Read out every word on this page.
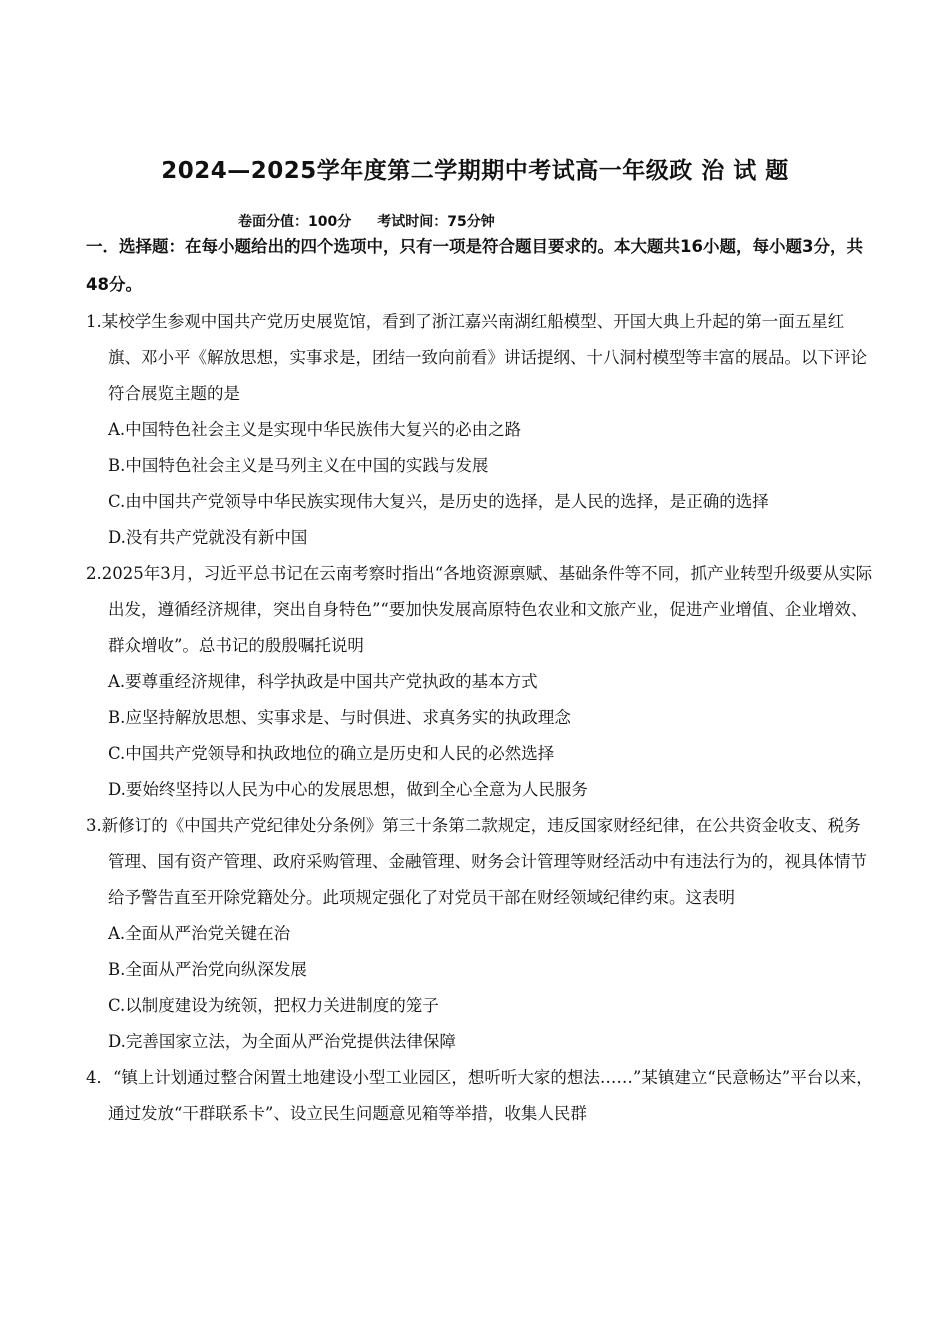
2024—2025学年度第二学期期中考试高一年级政 治 试 题
卷面分值：100分 考试时间：75分钟
一．选择题：在每小题给出的四个选项中，只有一项是符合题目要求的。本大题共16小题，每小题3分，共48分。

1.某校学生参观中国共产党历史展览馆，看到了浙江嘉兴南湖红船模型、开国大典上升起的第一面五星红旗、邓小平《解放思想，实事求是，团结一致向前看》讲话提纲、十八洞村模型等丰富的展品。以下评论符合展览主题的是

A.中国特色社会主义是实现中华民族伟大复兴的必由之路

B.中国特色社会主义是马列主义在中国的实践与发展

C.由中国共产党领导中华民族实现伟大复兴，是历史的选择，是人民的选择，是正确的选择

D.没有共产党就没有新中国

2.2025年3月，习近平总书记在云南考察时指出“各地资源禀赋、基础条件等不同，抓产业转型升级要从实际出发，遵循经济规律，突出自身特色”“要加快发展高原特色农业和文旅产业，促进产业增值、企业增效、群众增收”。总书记的殷殷嘱托说明

A.要尊重经济规律，科学执政是中国共产党执政的基本方式

B.应坚持解放思想、实事求是、与时俱进、求真务实的执政理念

C.中国共产党领导和执政地位的确立是历史和人民的必然选择

D.要始终坚持以人民为中心的发展思想，做到全心全意为人民服务

3.新修订的《中国共产党纪律处分条例》第三十条第二款规定，违反国家财经纪律，在公共资金收支、税务管理、国有资产管理、政府采购管理、金融管理、财务会计管理等财经活动中有违法行为的，视具体情节给予警告直至开除党籍处分。此项规定强化了对党员干部在财经领域纪律约束。这表明

A.全面从严治党关键在治

B.全面从严治党向纵深发展

C.以制度建设为统领，把权力关进制度的笼子

D.完善国家立法，为全面从严治党提供法律保障

4．“镇上计划通过整合闲置土地建设小型工业园区，想听听大家的想法……”某镇建立“民意畅达”平台以来，通过发放“干群联系卡”、设立民生问题意见箱等举措，收集人民群
